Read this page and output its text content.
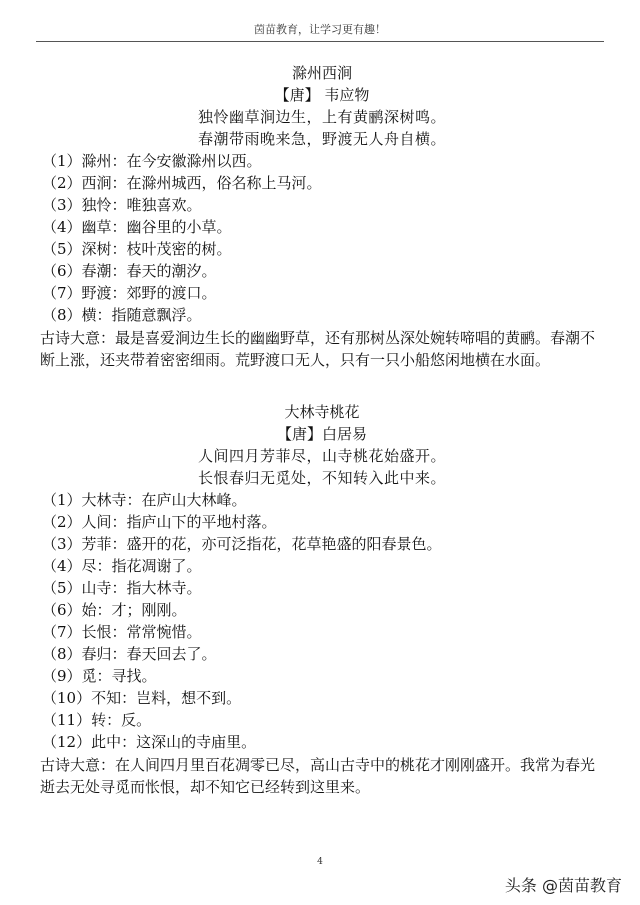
茵苗教育，让学习更有趣！
滁州西涧
【唐】 韦应物
独怜幽草涧边生，上有黄鹂深树鸣。
春潮带雨晚来急，野渡无人舟自横。
（1）滁州：在今安徽滁州以西。
（2）西涧：在滁州城西，俗名称上马河。
（3）独怜：唯独喜欢。
（4）幽草：幽谷里的小草。
（5）深树：枝叶茂密的树。
（6）春潮：春天的潮汐。
（7）野渡：郊野的渡口。
（8）横：指随意飘浮。
古诗大意：最是喜爱涧边生长的幽幽野草，还有那树丛深处婉转啼唱的黄鹂。春潮不断上涨，还夹带着密密细雨。荒野渡口无人，只有一只小船悠闲地横在水面。
大林寺桃花
【唐】白居易
人间四月芳菲尽，山寺桃花始盛开。
长恨春归无觅处，不知转入此中来。
（1）大林寺：在庐山大林峰。
（2）人间：指庐山下的平地村落。
（3）芳菲：盛开的花，亦可泛指花，花草艳盛的阳春景色。
（4）尽：指花凋谢了。
（5）山寺：指大林寺。
（6）始：才；刚刚。
（7）长恨：常常惋惜。
（8）春归：春天回去了。
（9）觅：寻找。
（10）不知：岂料，想不到。
（11）转：反。
（12）此中：这深山的寺庙里。
古诗大意：在人间四月里百花凋零已尽，高山古寺中的桃花才刚刚盛开。我常为春光逝去无处寻觅而怅恨，却不知它已经转到这里来。
4
头条 @茵苗教育
